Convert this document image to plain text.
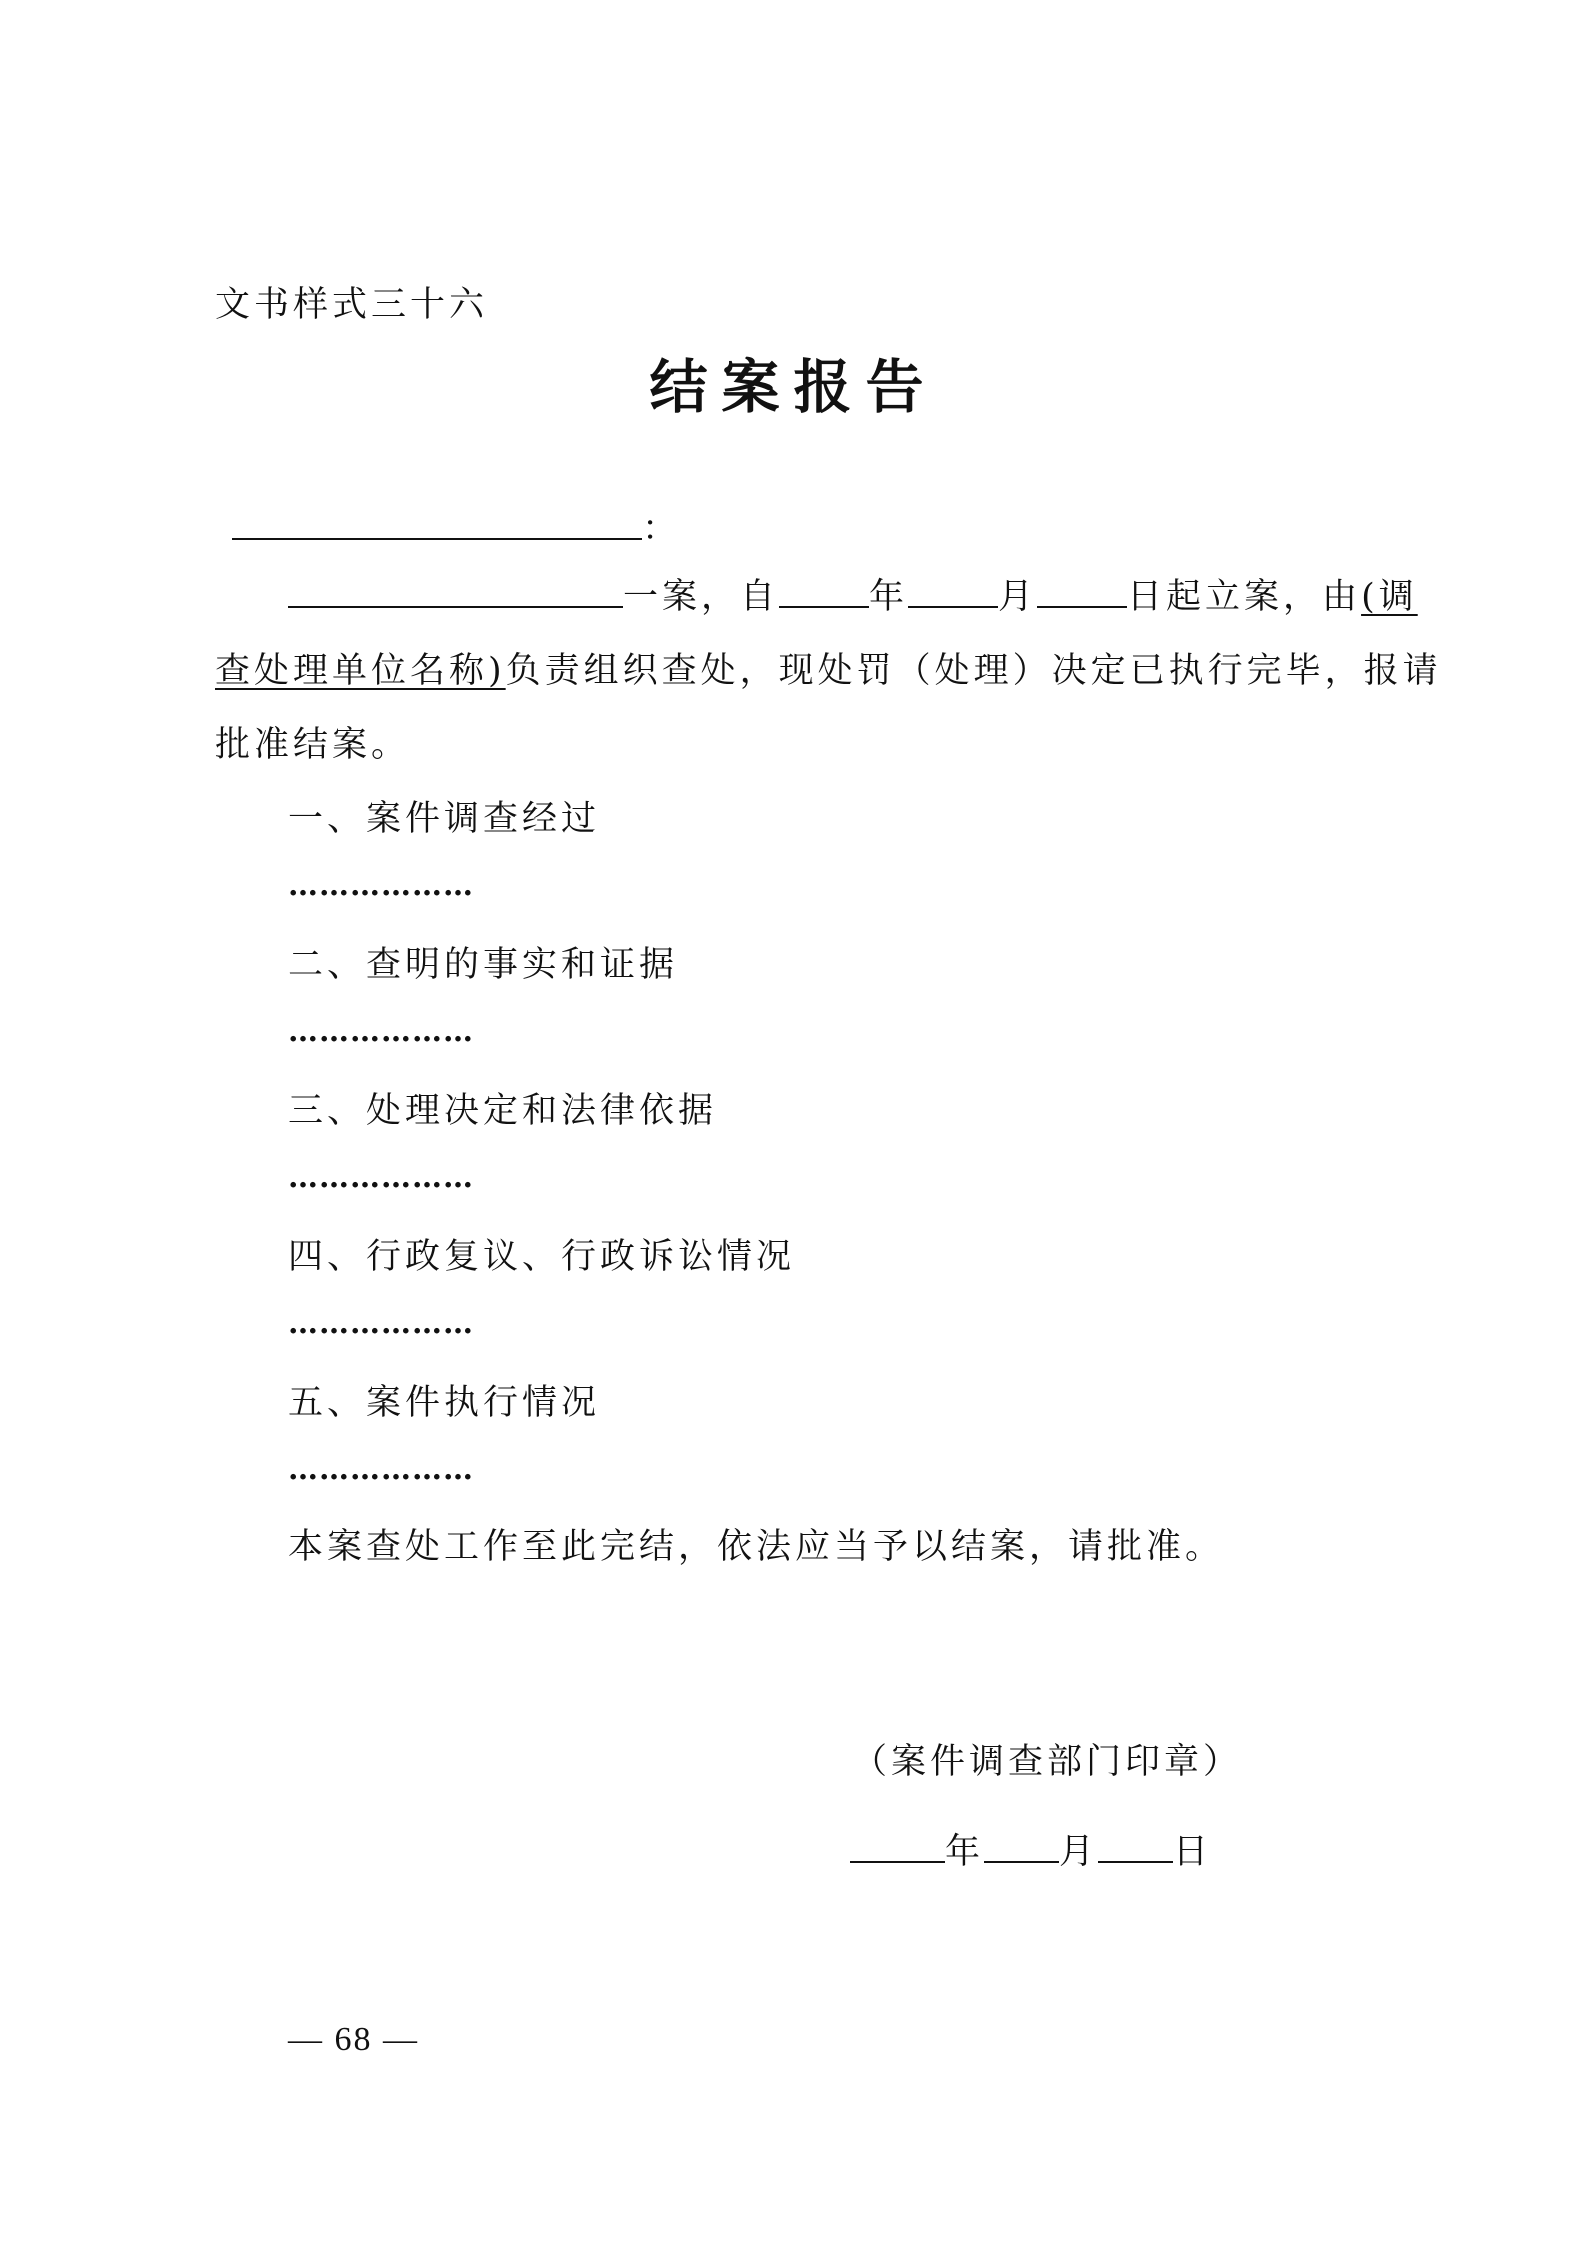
文书样式三十六
结案报告
：
一案，自	年	月	日起立案，由(调
查处理单位名称)负责组织查处，现处罚（处理）决定已执行完毕，报请
批准结案。
一、案件调查经过
………………
二、查明的事实和证据
………………
三、处理决定和法律依据
………………
四、行政复议、行政诉讼情况
………………
五、案件执行情况
………………
本案查处工作至此完结，依法应当予以结案，请批准。
（案件调查部门印章）
年 月 日
— 68 —
